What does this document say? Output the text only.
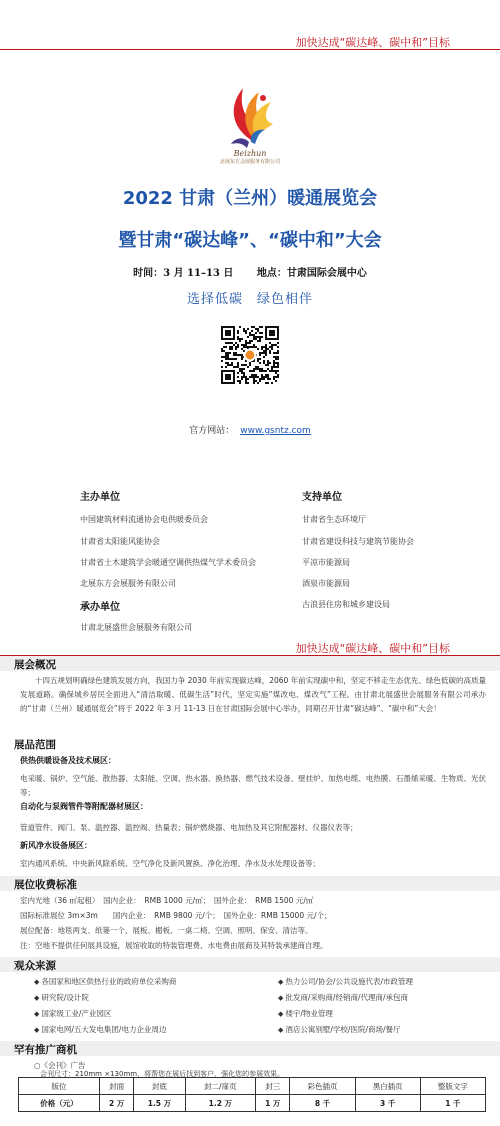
加快达成“碳达峰、碳中和”目标
Beizhun
北展东方会展服务有限公司
2022 甘肃（兰州）暖通展览会
暨甘肃“碳达峰”、“碳中和”大会
时间：3 月 11–13 日 地点：甘肃国际会展中心
选择低碳　绿色相伴
官方网站： www.gsntz.com
主办单位
中国建筑材料流通协会电供暖委员会
甘肃省太阳能风能协会
甘肃省土木建筑学会暖通空调供热煤气学术委员会
北展东方会展服务有限公司
承办单位
甘肃北展盛世会展服务有限公司
支持单位
甘肃省生态环境厅
甘肃省建设科技与建筑节能协会
平凉市能源局
酒泉市能源局
古浪县住房和城乡建设局
加快达成“碳达峰、碳中和”目标
展会概况
十四五规划明确绿色建筑发展方向，我国力争 2030 年前实现碳达峰，2060 年前实现碳中和，坚定不移走生态优先、绿色低碳的高质量发展道路。确保城乡居民全面进入“清洁取暖、低碳生活”时代，坚定实施“煤改电、煤改气”工程。由甘肃北展盛世会展服务有限公司承办的“甘肃（兰州）暖通展览会”将于 2022 年 3 月 11-13 日在甘肃国际会展中心举办，同期召开甘肃“碳达峰”、“碳中和”大会！
展品范围
供热供暖设备及技术展区：
电采暖、锅炉、空气能、散热器、太阳能、空调、热水器、换热器、燃气技术设备、壁挂炉、加热电缆、电热膜、石墨烯采暖、生物质、光伏等；
自动化与泵阀管件等附配器材展区：
管道管件、阀门、泵、温控器、温控阀、热量表；锅炉燃烧器、电加热及其它附配器材、仪器仪表等；
新风净水设备展区：
室内通风系统、中央新风除系统、空气净化及新风置换、净化治理、净水及水处理设备等；
展位收费标准
室内光地（36 ㎡起租）　国内企业：　RMB 1000 元/㎡；　国外企业：　RMB 1500 元/㎡
国际标准展位 3m×3m　　国内企业：　RMB 9800 元/个；　国外企业：RMB 15000 元/个；
展位配备：地毯两支、纸篓一个、展板、楣板、一桌二椅、空调、照明、保安、清洁等。
注：空地不提供任何展具设施，展馆收取的特装管理费、水电费由展商及其特装承建商自理。
观众来源
◆ 各国家和地区供热行业的政府单位采购商
◆ 研究院/设计院
◆ 国家级工业/产业园区
◆ 国家电网/五大发电集团/电力企业周边
◆ 热力公司/协会/公共设施代表/市政管理
◆ 批发商/采购商/经销商/代理商/承包商
◆ 楼宇/物业管理
◆ 酒店公寓别墅/学校/医院/商场/餐厅
罕有推广商机
○《会刊》广告
会刊尺寸：210mm ×130mm，将帮您在展后找到客户，强化您的参展效果。
版位	封面	封底	封二/扉页	封三	彩色插页	黑白插页	整版文字
价格（元）	2 万	1.5 万	1.2 万	1 万	8 千	3 千	1 千
